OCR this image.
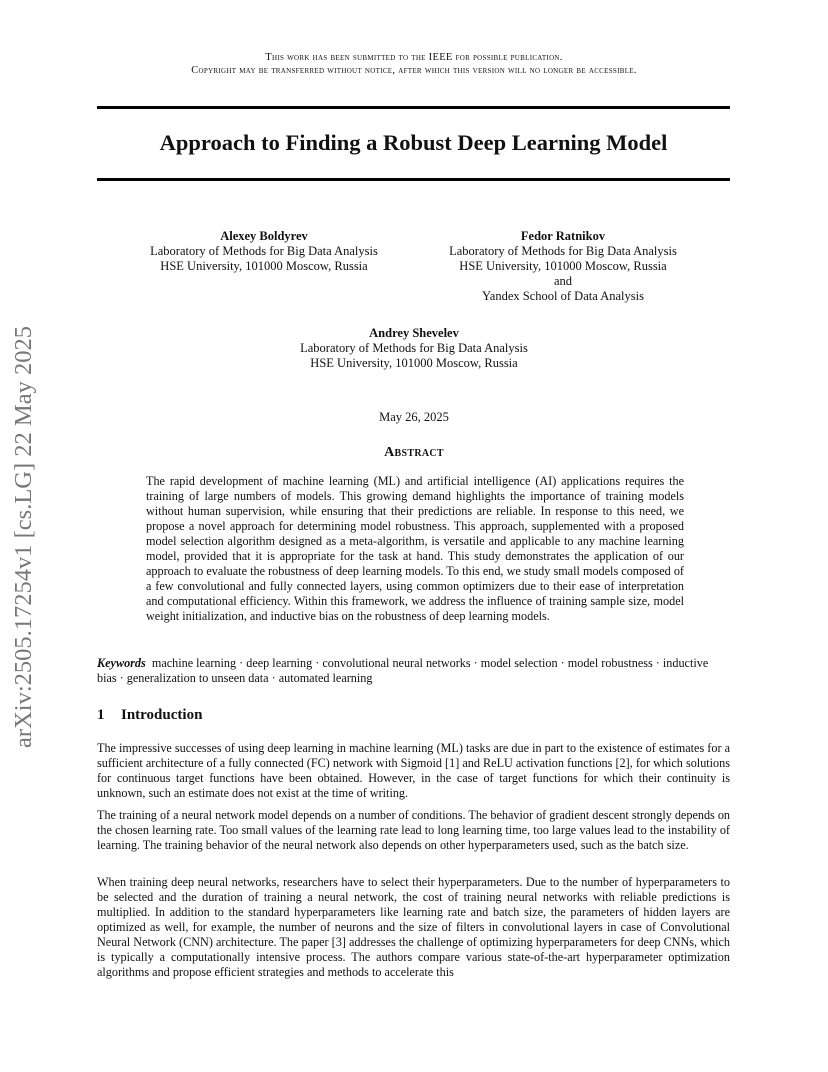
arXiv:2505.17254v1 [cs.LG] 22 May 2025
This work has been submitted to the IEEE for possible publication.
Copyright may be transferred without notice, after which this version will no longer be accessible.
Approach to Finding a Robust Deep Learning Model
Alexey Boldyrev
Laboratory of Methods for Big Data Analysis
HSE University, 101000 Moscow, Russia
Fedor Ratnikov
Laboratory of Methods for Big Data Analysis
HSE University, 101000 Moscow, Russia
and
Yandex School of Data Analysis
Andrey Shevelev
Laboratory of Methods for Big Data Analysis
HSE University, 101000 Moscow, Russia
May 26, 2025
Abstract

The rapid development of machine learning (ML) and artificial intelligence (AI) applications requires the training of large numbers of models. This growing demand highlights the importance of training models without human supervision, while ensuring that their predictions are reliable. In response to this need, we propose a novel approach for determining model robustness. This approach, supplemented with a proposed model selection algorithm designed as a meta-algorithm, is versatile and applicable to any machine learning model, provided that it is appropriate for the task at hand. This study demonstrates the application of our approach to evaluate the robustness of deep learning models. To this end, we study small models composed of a few convolutional and fully connected layers, using common optimizers due to their ease of interpretation and computational efficiency. Within this framework, we address the influence of training sample size, model weight initialization, and inductive bias on the robustness of deep learning models.

Keywords machine learning · deep learning · convolutional neural networks · model selection · model robustness · inductive bias · generalization to unseen data · automated learning

1 Introduction

The impressive successes of using deep learning in machine learning (ML) tasks are due in part to the existence of estimates for a sufficient architecture of a fully connected (FC) network with Sigmoid [1] and ReLU activation functions [2], for which solutions for continuous target functions have been obtained. However, in the case of target functions for which their continuity is unknown, such an estimate does not exist at the time of writing.

The training of a neural network model depends on a number of conditions. The behavior of gradient descent strongly depends on the chosen learning rate. Too small values of the learning rate lead to long learning time, too large values lead to the instability of learning. The training behavior of the neural network also depends on other hyperparameters used, such as the batch size.

When training deep neural networks, researchers have to select their hyperparameters. Due to the number of hyperparameters to be selected and the duration of training a neural network, the cost of training neural networks with reliable predictions is multiplied. In addition to the standard hyperparameters like learning rate and batch size, the parameters of hidden layers are optimized as well, for example, the number of neurons and the size of filters in convolutional layers in case of Convolutional Neural Network (CNN) architecture. The paper [3] addresses the challenge of optimizing hyperparameters for deep CNNs, which is typically a computationally intensive process. The authors compare various state-of-the-art hyperparameter optimization algorithms and propose efficient strategies and methods to accelerate this
